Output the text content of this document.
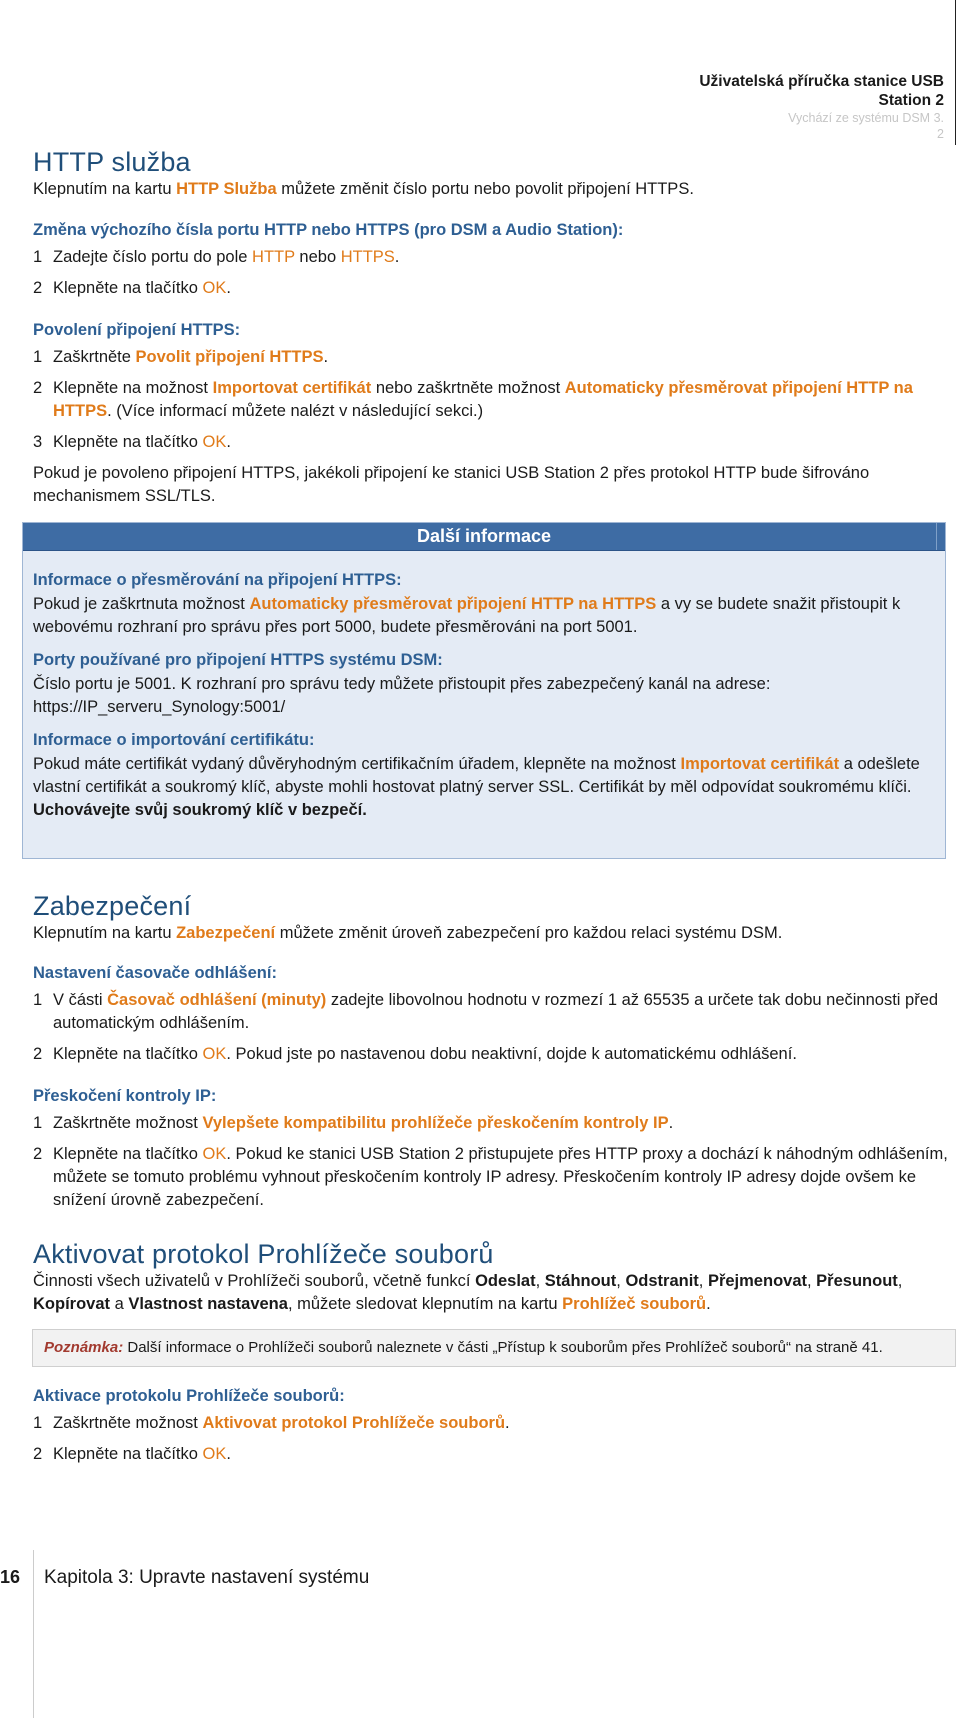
Uživatelská příručka stanice USB
Station 2
Vychází ze systému DSM 3.
2
HTTP služba

Klepnutím na kartu HTTP Služba můžete změnit číslo portu nebo povolit připojení HTTPS.

Změna výchozího čísla portu HTTP nebo HTTPS (pro DSM a Audio Station):

1 Zadejte číslo portu do pole HTTP nebo HTTPS.
2 Klepněte na tlačítko OK.

Povolení připojení HTTPS:

1 Zaškrtněte Povolit připojení HTTPS.
2 Klepněte na možnost Importovat certifikát nebo zaškrtněte možnost Automaticky přesměrovat připojení HTTP na HTTPS. (Více informací můžete nalézt v následující sekci.)
3 Klepněte na tlačítko OK.

Pokud je povoleno připojení HTTPS, jakékoli připojení ke stanici USB Station 2 přes protokol HTTP bude šifrováno mechanismem SSL/TLS.

Další informace

Informace o přesměrování na připojení HTTPS:

Pokud je zaškrtnuta možnost Automaticky přesměrovat připojení HTTP na HTTPS a vy se budete snažit přistoupit k webovému rozhraní pro správu přes port 5000, budete přesměrováni na port 5001.

Porty používané pro připojení HTTPS systému DSM:

Číslo portu je 5001. K rozhraní pro správu tedy můžete přistoupit přes zabezpečený kanál na adrese: https://IP_serveru_Synology:5001/

Informace o importování certifikátu:

Pokud máte certifikát vydaný důvěryhodným certifikačním úřadem, klepněte na možnost Importovat certifikát a odešlete vlastní certifikát a soukromý klíč, abyste mohli hostovat platný server SSL. Certifikát by měl odpovídat soukromému klíči. Uchovávejte svůj soukromý klíč v bezpečí.

Zabezpečení

Klepnutím na kartu Zabezpečení můžete změnit úroveň zabezpečení pro každou relaci systému DSM.

Nastavení časovače odhlášení:

1 V části Časovač odhlášení (minuty) zadejte libovolnou hodnotu v rozmezí 1 až 65535 a určete tak dobu nečinnosti před automatickým odhlášením.
2 Klepněte na tlačítko OK. Pokud jste po nastavenou dobu neaktivní, dojde k automatickému odhlášení.

Přeskočení kontroly IP:

1 Zaškrtněte možnost Vylepšete kompatibilitu prohlížeče přeskočením kontroly IP.
2 Klepněte na tlačítko OK. Pokud ke stanici USB Station 2 přistupujete přes HTTP proxy a dochází k náhodným odhlášením, můžete se tomuto problému vyhnout přeskočením kontroly IP adresy. Přeskočením kontroly IP adresy dojde ovšem ke snížení úrovně zabezpečení.
Aktivovat protokol Prohlížeče souborů

Činnosti všech uživatelů v Prohlížeči souborů, včetně funkcí Odeslat, Stáhnout, Odstranit, Přejmenovat, Přesunout, Kopírovat a Vlastnost nastavena, můžete sledovat klepnutím na kartu Prohlížeč souborů.

Poznámka: Další informace o Prohlížeči souborů naleznete v části „Přístup k souborům přes Prohlížeč souborů“ na straně 41.

Aktivace protokolu Prohlížeče souborů:

1 Zaškrtněte možnost Aktivovat protokol Prohlížeče souborů.
2 Klepněte na tlačítko OK.
16 Kapitola 3: Upravte nastavení systému
